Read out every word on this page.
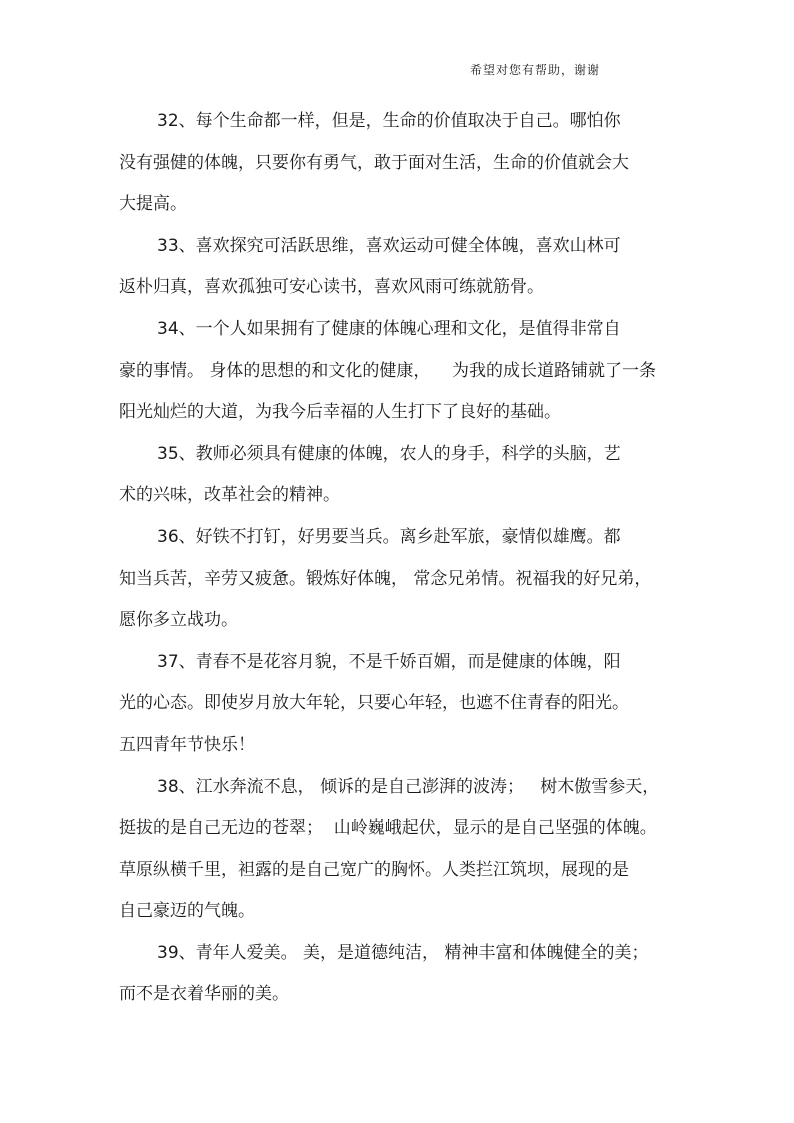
希望对您有帮助，谢谢
32、每个生命都一样，但是，生命的价值取决于自己。哪怕你
没有强健的体魄，只要你有勇气，敢于面对生活，生命的价值就会大
大提高。
33、喜欢探究可活跃思维，喜欢运动可健全体魄，喜欢山林可
返朴归真，喜欢孤独可安心读书，喜欢风雨可练就筋骨。
34、一个人如果拥有了健康的体魄心理和文化，是值得非常自
豪的事情。 身体的思想的和文化的健康，    为我的成长道路铺就了一条
阳光灿烂的大道，为我今后幸福的人生打下了良好的基础。
35、教师必须具有健康的体魄，农人的身手，科学的头脑，艺
术的兴味，改革社会的精神。
36、好铁不打钉，好男要当兵。离乡赴军旅，豪情似雄鹰。都
知当兵苦，辛劳又疲惫。锻炼好体魄， 常念兄弟情。祝福我的好兄弟，
愿你多立战功。
37、青春不是花容月貌，不是千娇百媚，而是健康的体魄，阳
光的心态。即使岁月放大年轮，只要心年轻，也遮不住青春的阳光。
五四青年节快乐！
38、江水奔流不息， 倾诉的是自己澎湃的波涛；   树木傲雪参天，
挺拔的是自己无边的苍翠；  山岭巍峨起伏，显示的是自己坚强的体魄。
草原纵横千里，袒露的是自己宽广的胸怀。人类拦江筑坝，展现的是
自己豪迈的气魄。
39、青年人爱美。 美，是道德纯洁， 精神丰富和体魄健全的美；
而不是衣着华丽的美。
